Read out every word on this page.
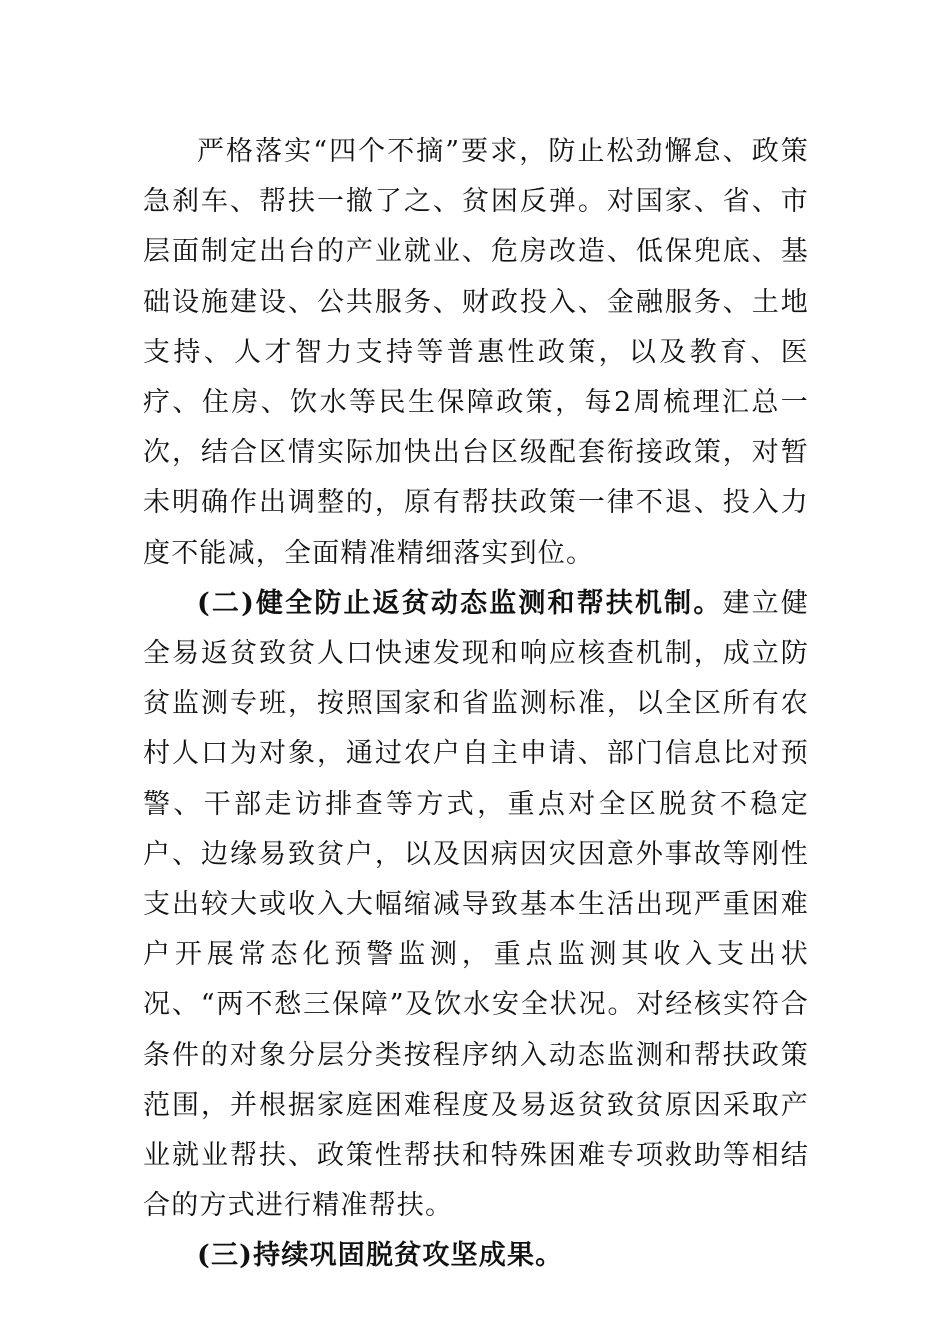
严格落实“四个不摘”要求，防止松劲懈怠、政策急刹车、帮扶一撤了之、贫困反弹。对国家、省、市层面制定出台的产业就业、危房改造、低保兜底、基础设施建设、公共服务、财政投入、金融服务、土地支持、人才智力支持等普惠性政策，以及教育、医疗、住房、饮水等民生保障政策，每2周梳理汇总一次，结合区情实际加快出台区级配套衔接政策，对暂未明确作出调整的，原有帮扶政策一律不退、投入力度不能减，全面精准精细落实到位。

(二)健全防止返贫动态监测和帮扶机制。建立健全易返贫致贫人口快速发现和响应核查机制，成立防贫监测专班，按照国家和省监测标准，以全区所有农村人口为对象，通过农户自主申请、部门信息比对预警、干部走访排查等方式，重点对全区脱贫不稳定户、边缘易致贫户，以及因病因灾因意外事故等刚性支出较大或收入大幅缩减导致基本生活出现严重困难户开展常态化预警监测，重点监测其收入支出状况、“两不愁三保障”及饮水安全状况。对经核实符合条件的对象分层分类按程序纳入动态监测和帮扶政策范围，并根据家庭困难程度及易返贫致贫原因采取产业就业帮扶、政策性帮扶和特殊困难专项救助等相结合的方式进行精准帮扶。

(三)持续巩固脱贫攻坚成果。
